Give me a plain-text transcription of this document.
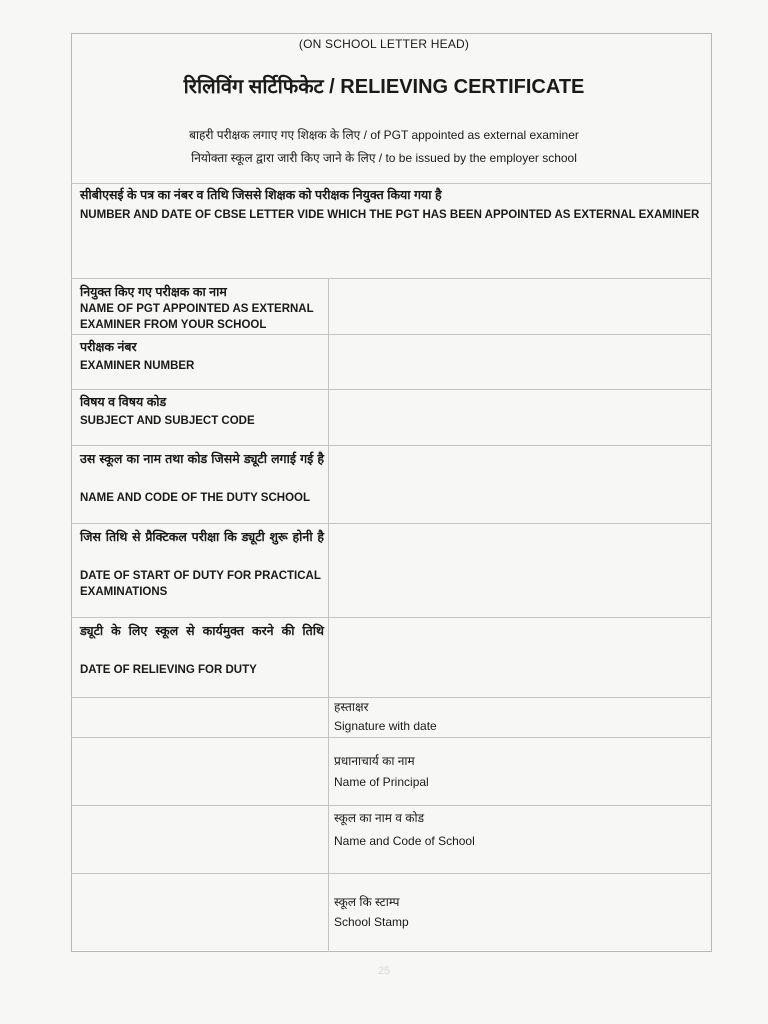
(ON SCHOOL LETTER HEAD)
रिलिविंग सर्टिफिकेट / RELIEVING CERTIFICATE
बाहरी परीक्षक लगाए गए शिक्षक के लिए / of PGT appointed as external examiner
नियोक्ता स्कूल द्वारा जारी किए जाने के लिए / to be issued by the employer school
सीबीएसई के पत्र का नंबर व तिथि जिससे शिक्षक को परीक्षक नियुक्त किया गया है
NUMBER AND DATE OF CBSE LETTER VIDE WHICH THE PGT HAS BEEN APPOINTED AS EXTERNAL EXAMINER
नियुक्त किए गए परीक्षक का नाम
NAME OF PGT APPOINTED AS EXTERNAL EXAMINER FROM YOUR SCHOOL
परीक्षक नंबर
EXAMINER NUMBER
विषय व विषय कोड
SUBJECT AND SUBJECT CODE
उस स्कूल का नाम तथा कोड जिसमे ड्यूटी लगाई गई है
NAME AND CODE OF THE DUTY SCHOOL
जिस तिथि से प्रैक्टिकल परीक्षा कि ड्यूटी शुरू होनी है
DATE OF START OF DUTY FOR PRACTICAL EXAMINATIONS
ड्यूटी के लिए स्कूल से कार्यमुक्त करने की तिथि
DATE OF RELIEVING FOR DUTY
हस्ताक्षर
Signature with date
प्रधानाचार्य का नाम
Name of Principal
स्कूल का नाम व कोड
Name and Code of School
स्कूल कि स्टाम्प
School Stamp
25
